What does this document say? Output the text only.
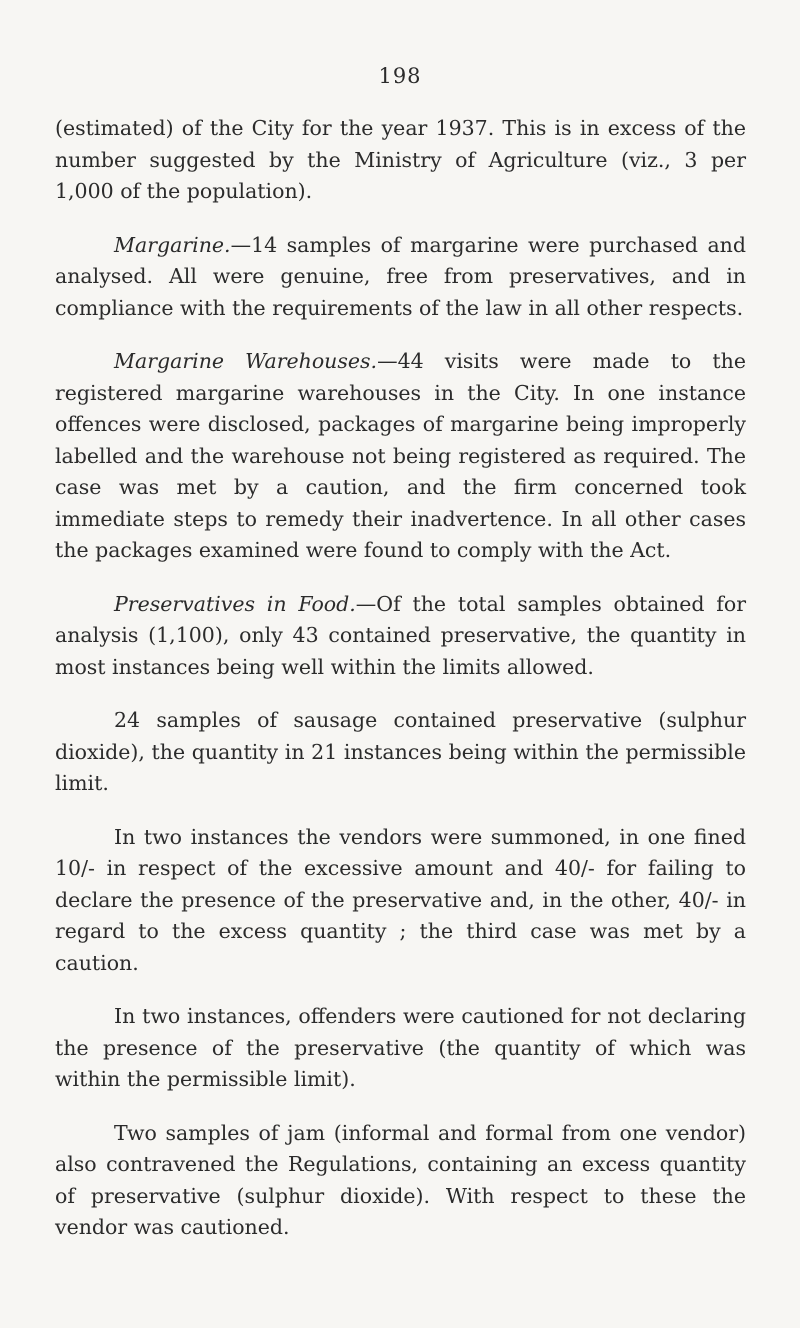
198

(estimated) of the City for the year 1937. This is in excess of the number suggested by the Ministry of Agriculture (viz., 3 per 1,000 of the population).

Margarine.—14 samples of margarine were purchased and analysed. All were genuine, free from preservatives, and in compliance with the requirements of the law in all other respects.

Margarine Warehouses.—44 visits were made to the registered margarine warehouses in the City. In one instance offences were disclosed, packages of margarine being improperly labelled and the warehouse not being registered as required. The case was met by a caution, and the firm concerned took immediate steps to remedy their inadvertence. In all other cases the packages examined were found to comply with the Act.

Preservatives in Food.—Of the total samples obtained for analysis (1,100), only 43 contained preservative, the quantity in most instances being well within the limits allowed.

24 samples of sausage contained preservative (sulphur dioxide), the quantity in 21 instances being within the permissible limit.

In two instances the vendors were summoned, in one fined 10/- in respect of the excessive amount and 40/- for failing to declare the presence of the preservative and, in the other, 40/- in regard to the excess quantity ; the third case was met by a caution.

In two instances, offenders were cautioned for not declaring the presence of the preservative (the quantity of which was within the permissible limit).

Two samples of jam (informal and formal from one vendor) also contravened the Regulations, containing an excess quantity of preservative (sulphur dioxide). With respect to these the vendor was cautioned.
